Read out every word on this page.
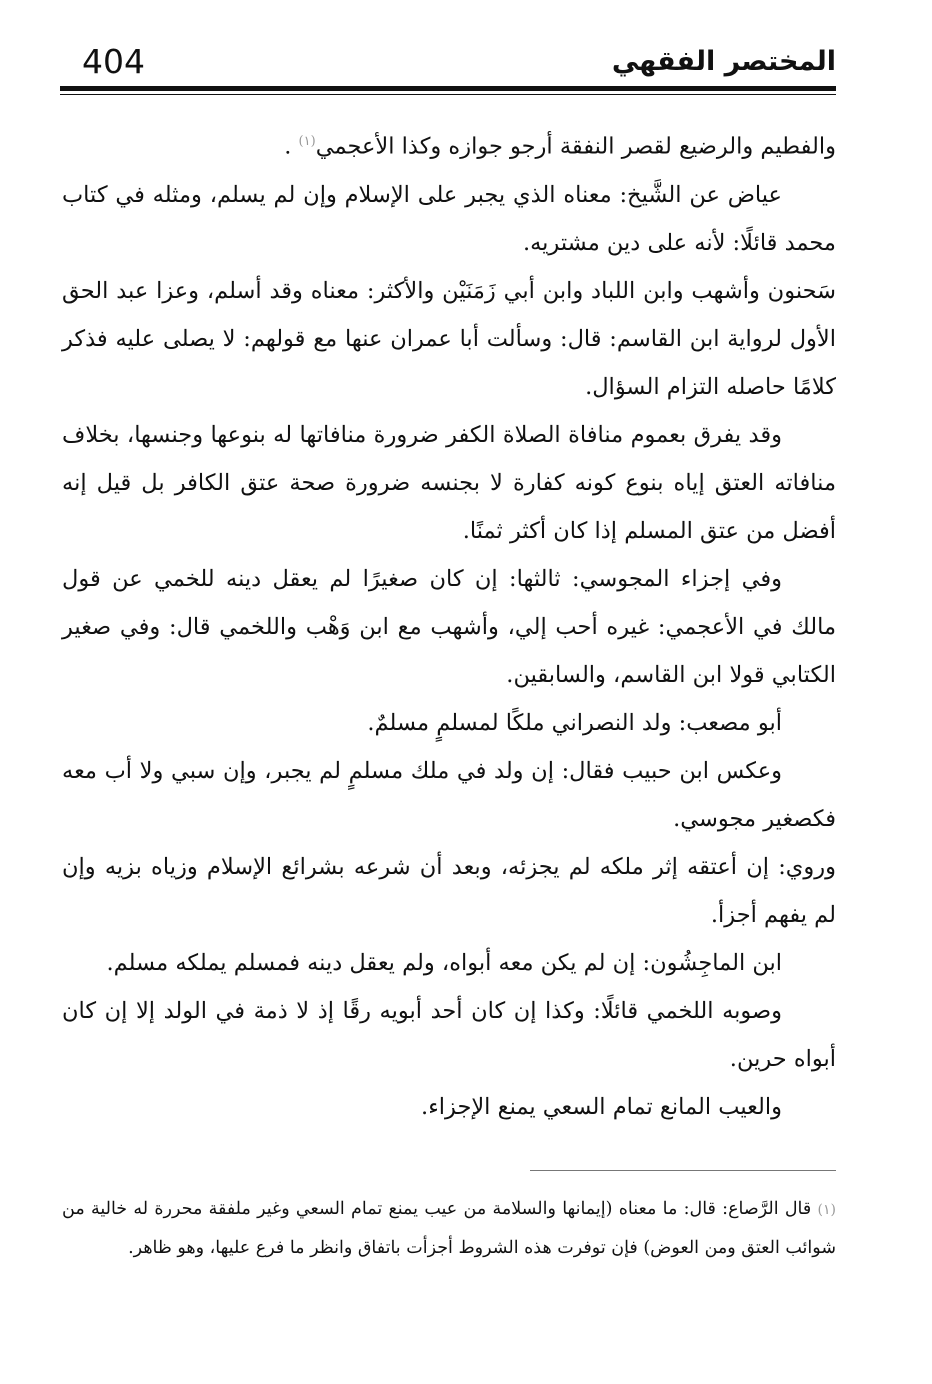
404	المختصر الفقهي

والفطيم والرضيع لقصر النفقة أرجو جوازه وكذا الأعجمي$^{(١)}$ .

عياض عن الشَّيخ: معناه الذي يجبر على الإسلام وإن لم يسلم، ومثله في كتاب محمد قائلًا: لأنه على دين مشتريه.

سَحنون وأشهب وابن اللباد وابن أبي زَمَنَيْن والأكثر: معناه وقد أسلم، وعزا عبد الحق الأول لرواية ابن القاسم: قال: وسألت أبا عمران عنها مع قولهم: لا يصلى عليه فذكر كلامًا حاصله التزام السؤال.

وقد يفرق بعموم منافاة الصلاة الكفر ضرورة منافاتها له بنوعها وجنسها، بخلاف منافاته العتق إياه بنوع كونه كفارة لا بجنسه ضرورة صحة عتق الكافر بل قيل إنه أفضل من عتق المسلم إذا كان أكثر ثمنًا.

وفي إجزاء المجوسي: ثالثها: إن كان صغيرًا لم يعقل دينه للخمي عن قول مالك في الأعجمي: غيره أحب إلي، وأشهب مع ابن وَهْب واللخمي قال: وفي صغير الكتابي قولا ابن القاسم، والسابقين.

أبو مصعب: ولد النصراني ملكًا لمسلمٍ مسلمٌ.

وعكس ابن حبيب فقال: إن ولد في ملك مسلمٍ لم يجبر، وإن سبي ولا أب معه فكصغير مجوسي.

وروي: إن أعتقه إثر ملكه لم يجزئه، وبعد أن شرعه بشرائع الإسلام وزياه بزيه وإن لم يفهم أجزأ.

ابن الماجِشُون: إن لم يكن معه أبواه، ولم يعقل دينه فمسلم يملكه مسلم.

وصوبه اللخمي قائلًا: وكذا إن كان أحد أبويه رقًا إذ لا ذمة في الولد إلا إن كان أبواه حرين.

والعيب المانع تمام السعي يمنع الإجزاء.

(١) قال الرَّصاع: قال: ما معناه (إيمانها والسلامة من عيب يمنع تمام السعي وغير ملفقة محررة له خالية من شوائب العتق ومن العوض) فإن توفرت هذه الشروط أجزأت باتفاق وانظر ما فرع عليها، وهو ظاهر.
